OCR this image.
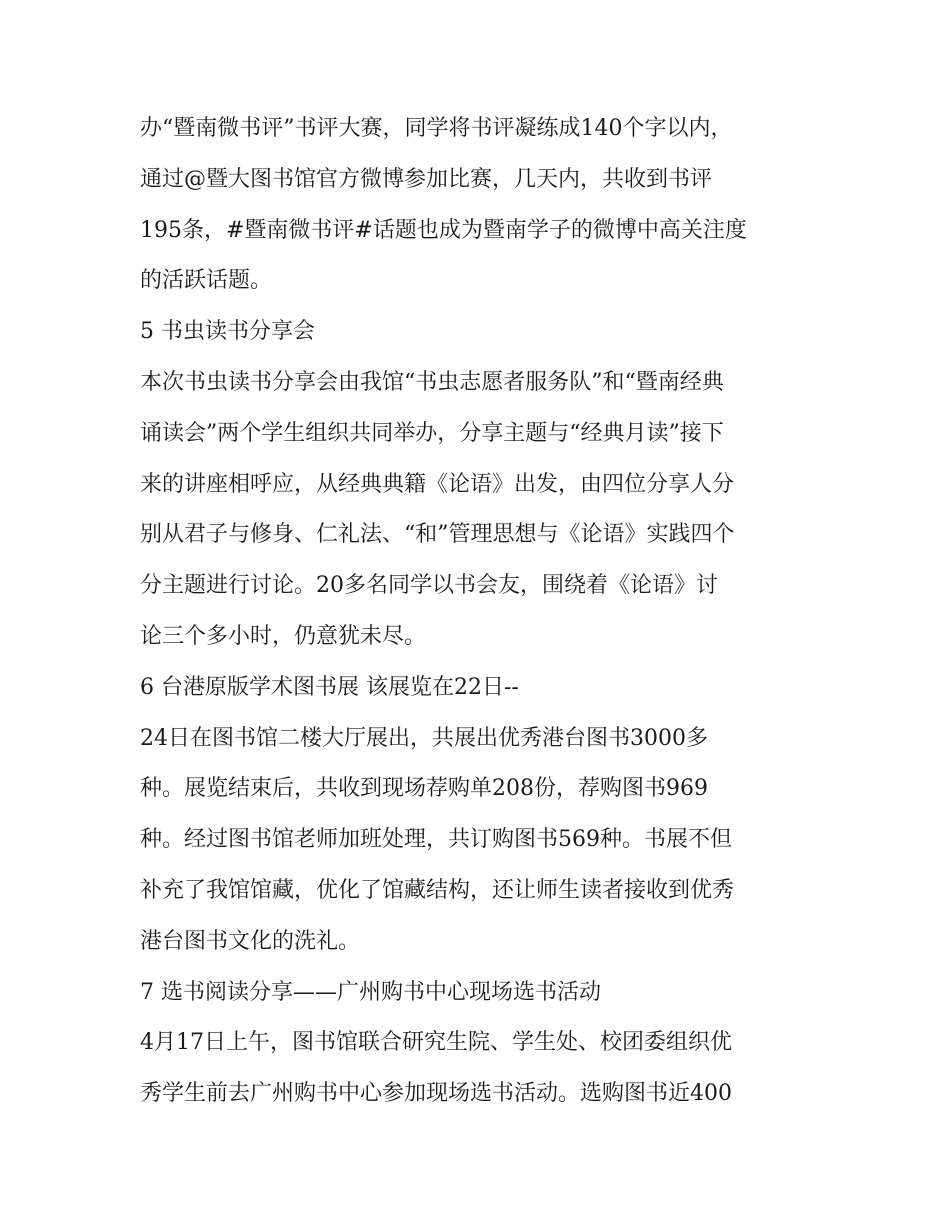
办“暨南微书评”书评大赛，同学将书评凝练成140个字以内，
通过@暨大图书馆官方微博参加比赛，几天内，共收到书评
195条，#暨南微书评#话题也成为暨南学子的微博中高关注度
的活跃话题。
5 书虫读书分享会
本次书虫读书分享会由我馆“书虫志愿者服务队”和“暨南经典
诵读会”两个学生组织共同举办，分享主题与“经典月读”接下
来的讲座相呼应，从经典典籍《论语》出发，由四位分享人分
别从君子与修身、仁礼法、“和”管理思想与《论语》实践四个
分主题进行讨论。20多名同学以书会友，围绕着《论语》讨
论三个多小时，仍意犹未尽。
6 台港原版学术图书展 该展览在22日--
24日在图书馆二楼大厅展出，共展出优秀港台图书3000多
种。展览结束后，共收到现场荐购单208份，荐购图书969
种。经过图书馆老师加班处理，共订购图书569种。书展不但
补充了我馆馆藏，优化了馆藏结构，还让师生读者接收到优秀
港台图书文化的洗礼。
7 选书阅读分享——广州购书中心现场选书活动
4月17日上午，图书馆联合研究生院、学生处、校团委组织优
秀学生前去广州购书中心参加现场选书活动。选购图书近400
